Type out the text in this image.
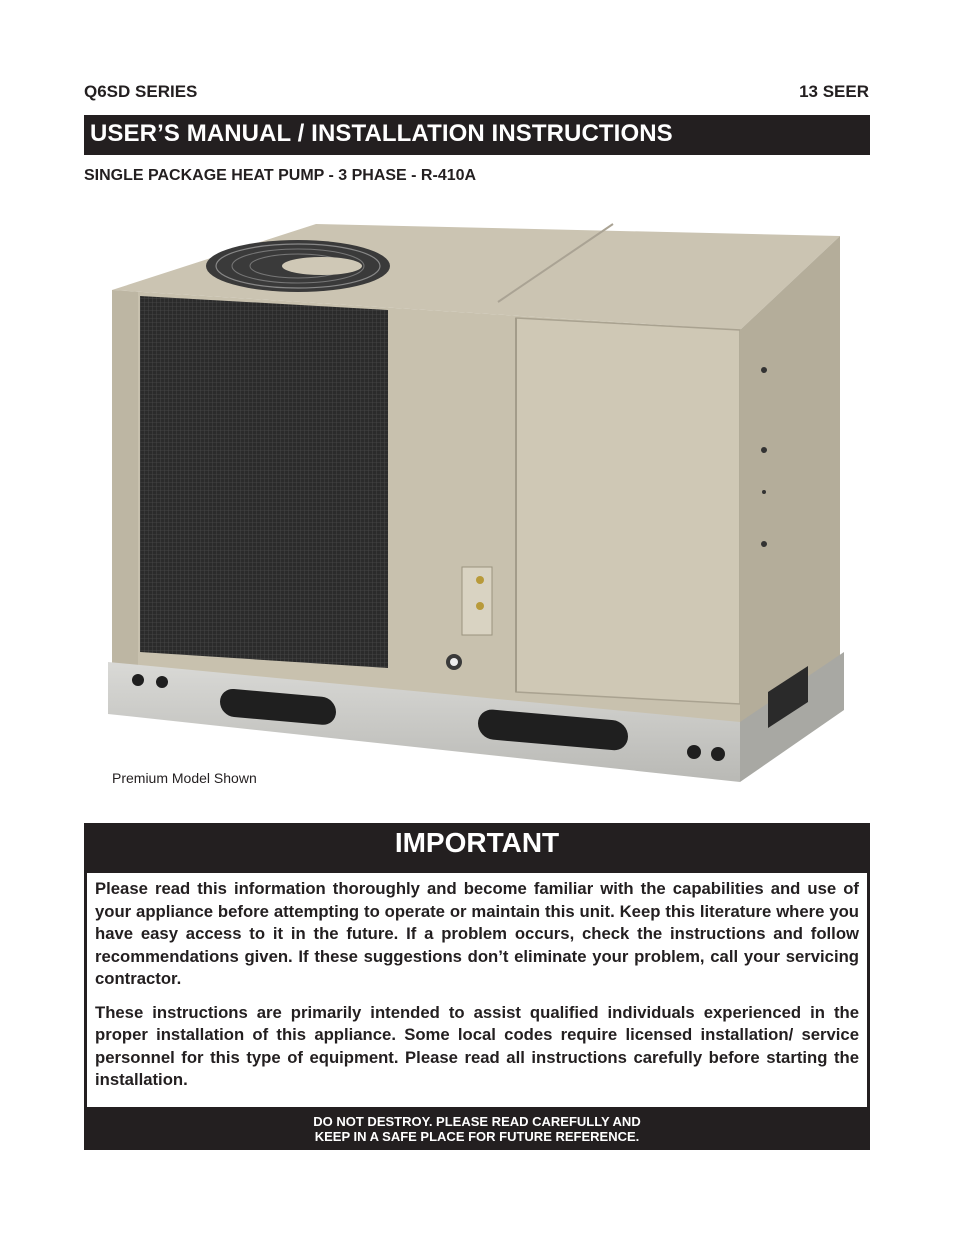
Q6SD SERIES	13 SEER
USER’S MANUAL / INSTALLATION INSTRUCTIONS
SINGLE PACKAGE HEAT PUMP - 3 PHASE - R-410A
Premium Model Shown
IMPORTANT

Please read this information thoroughly and become familiar with the capabilities and use of your appliance before attempting to operate or maintain this unit. Keep this literature where you have easy access to it in the future. If a problem occurs, check the instructions and follow recommendations given. If these suggestions don’t eliminate your problem, call your servicing contractor.

These instructions are primarily intended to assist qualified individuals experienced in the proper installation of this appliance. Some local codes require licensed installation/ service personnel for this type of equipment. Please read all instructions carefully before starting the installation.

DO NOT DESTROY. PLEASE READ CAREFULLY AND
KEEP IN A SAFE PLACE FOR FUTURE REFERENCE.
